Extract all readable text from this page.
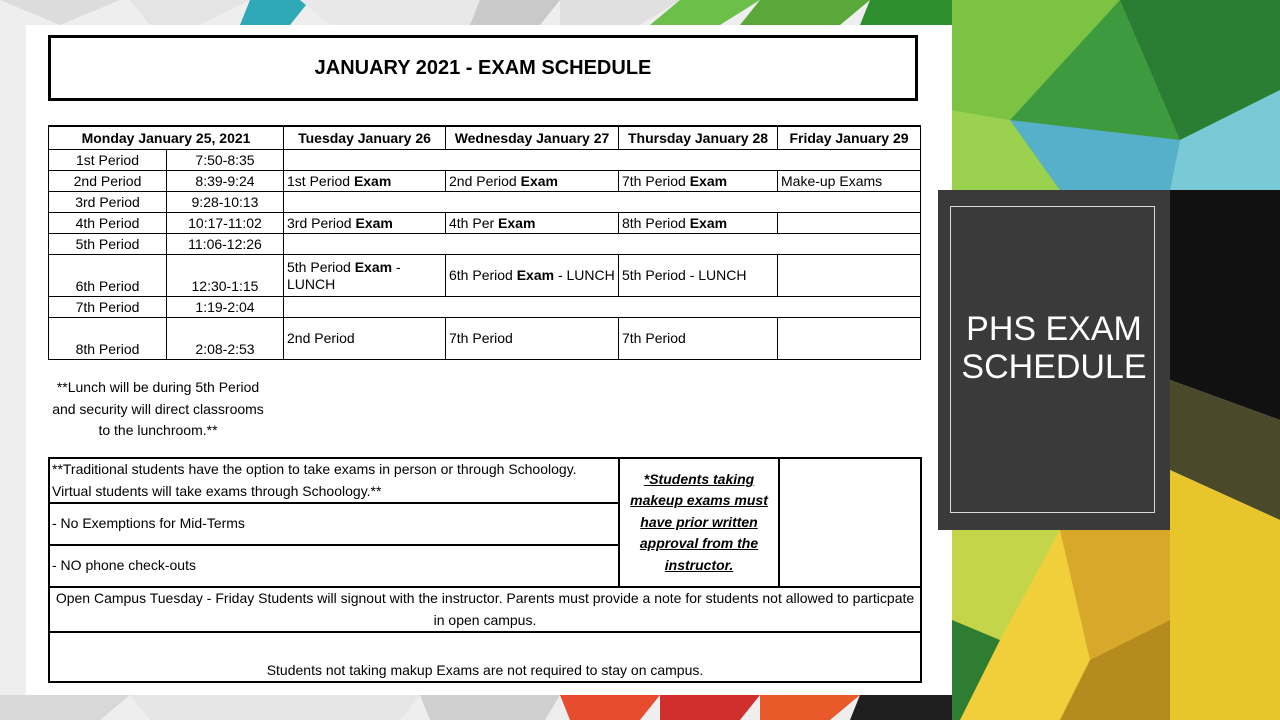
JANUARY 2021 - EXAM SCHEDULE
Monday January 25, 2021		Tuesday January 26	Wednesday January 27	Thursday January 28	Friday January 29
1st Period	7:50-8:35				
2nd Period	8:39-9:24	1st Period Exam	2nd Period Exam	7th Period Exam	Make-up Exams
3rd Period	9:28-10:13				
4th Period	10:17-11:02	3rd Period Exam	4th Per Exam	8th Period Exam	
5th Period	11:06-12:26				
6th Period	12:30-1:15	5th Period Exam - LUNCH	6th Period Exam - LUNCH	5th Period - LUNCH	
7th Period	1:19-2:04				
8th Period	2:08-2:53	2nd Period	7th Period	7th Period	
**Lunch will be during 5th Period and security will direct classrooms to the lunchroom.**
**Traditional students have the option to take exams in person or through Schoology. Virtual students will take exams through Schoology.**	*Students taking makeup exams must have prior written approval from the instructor.	
- No Exemptions for Mid-Terms
- NO phone check-outs
Open Campus Tuesday - Friday Students will signout with the instructor. Parents must provide a note for students not allowed to particpate in open campus.
Students not taking makup Exams are not required to stay on campus.
PHS EXAM SCHEDULE
